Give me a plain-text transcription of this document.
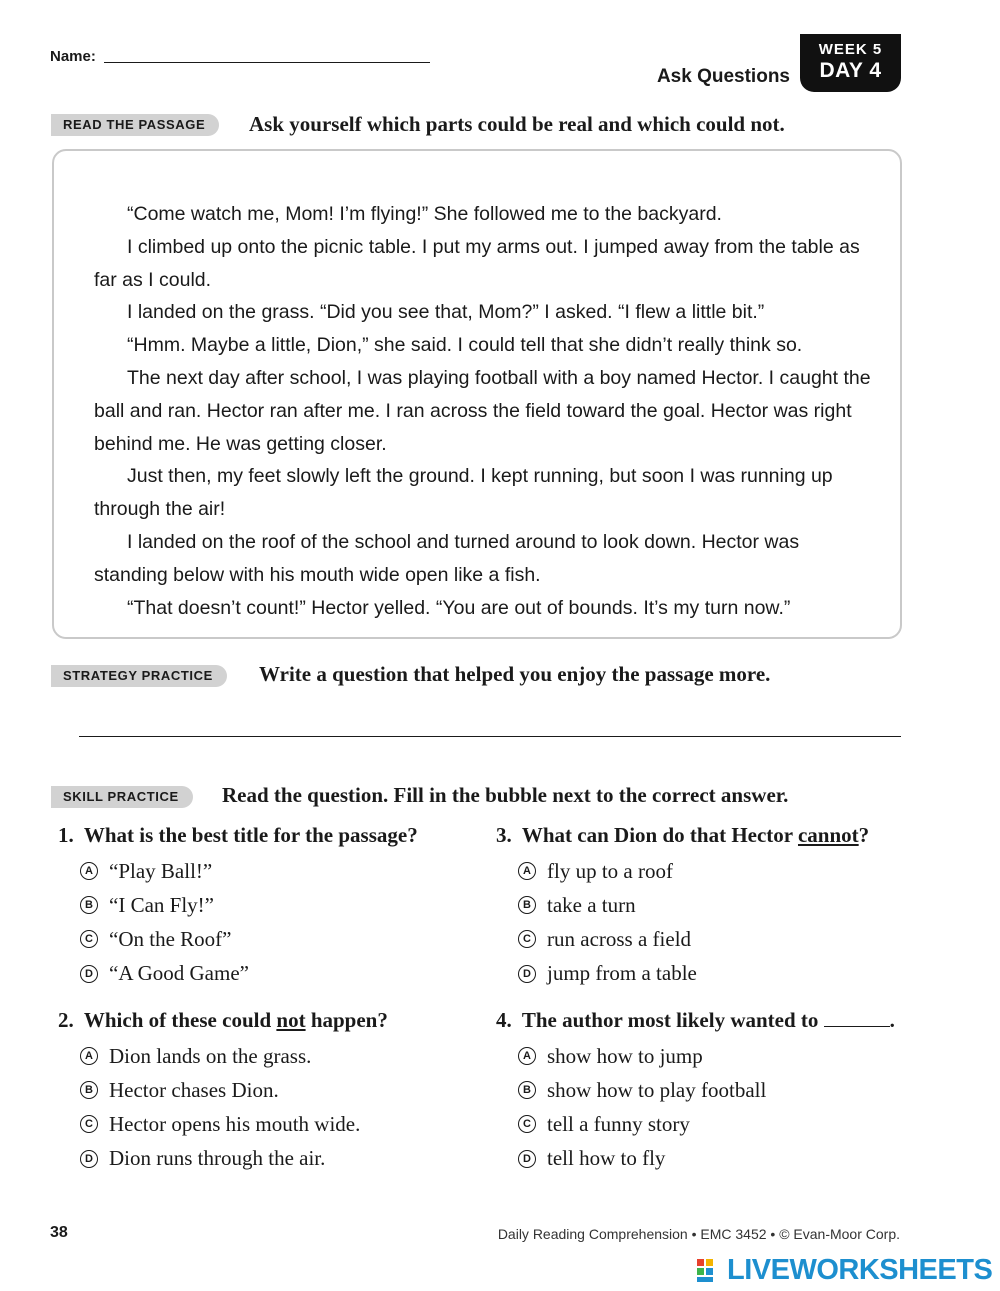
Name:
Ask Questions
WEEK 5
DAY 4
READ THE PASSAGE	Ask yourself which parts could be real and which could not.

“Come watch me, Mom! I’m flying!” She followed me to the backyard.

I climbed up onto the picnic table. I put my arms out. I jumped away from the table as far as I could.

I landed on the grass. “Did you see that, Mom?” I asked. “I flew a little bit.”

“Hmm. Maybe a little, Dion,” she said. I could tell that she didn’t really think so.

The next day after school, I was playing football with a boy named Hector. I caught the ball and ran. Hector ran after me. I ran across the field toward the goal. Hector was right behind me. He was getting closer.

Just then, my feet slowly left the ground. I kept running, but soon I was running up through the air!

I landed on the roof of the school and turned around to look down. Hector was standing below with his mouth wide open like a fish.

“That doesn’t count!” Hector yelled. “You are out of bounds. It’s my turn now.”

STRATEGY PRACTICE	Write a question that helped you enjoy the passage more.
SKILL PRACTICE	Read the question. Fill in the bubble next to the correct answer.
1. What is the best title for the passage?
A “Play Ball!”
B “I Can Fly!”
C “On the Roof”
D “A Good Game”
2. Which of these could not happen?
A Dion lands on the grass.
B Hector chases Dion.
C Hector opens his mouth wide.
D Dion runs through the air.
3. What can Dion do that Hector cannot?
A fly up to a roof
B take a turn
C run across a field
D jump from a table
4. The author most likely wanted to	.
A show how to jump
B show how to play football
C tell a funny story
D tell how to fly
38	Daily Reading Comprehension • EMC 3452 • © Evan-Moor Corp.
LIVEWORKSHEETS
